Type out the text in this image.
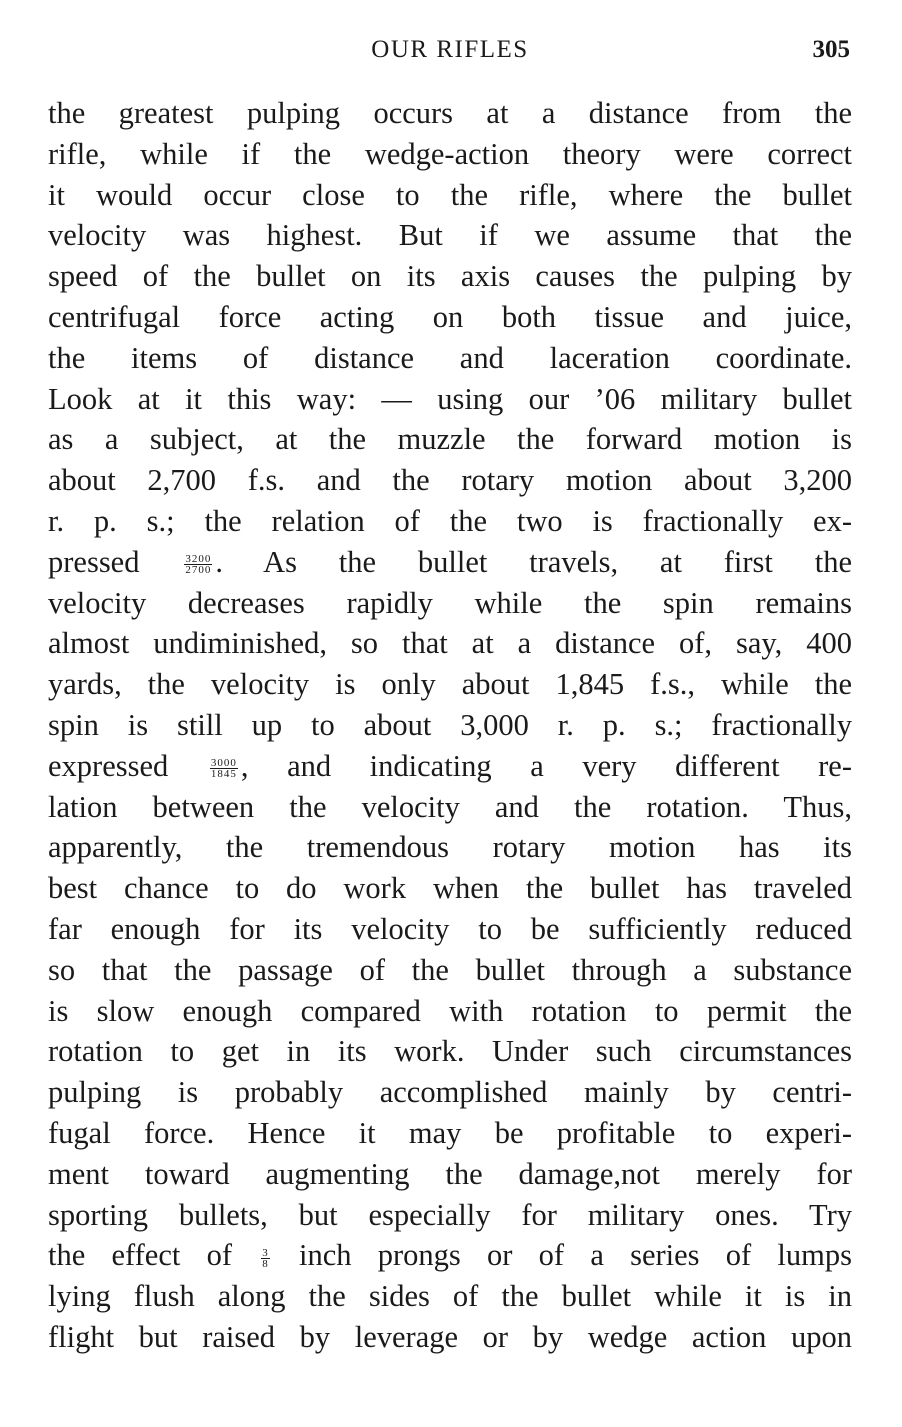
OUR RIFLES	305
the greatest pulping occurs at a distance from the
rifle, while if the wedge-action theory were correct
it would occur close to the rifle, where the bullet
velocity was highest. But if we assume that the
speed of the bullet on its axis causes the pulping by
centrifugal force acting on both tissue and juice,
the items of distance and laceration coordinate.
Look at it this way: — using our ’06 military bullet
as a subject, at the muzzle the forward motion is
about 2,700 f.s. and the rotary motion about 3,200
r. p. s.; the relation of the two is fractionally ex-
pressed	$\frac{3200}{2700}$ . As the bullet travels, at first the
velocity decreases rapidly while the spin remains
almost undiminished, so that at a distance of, say, 400
yards, the velocity is only about 1,845 f.s., while the
spin is still up to about 3,000 r. p. s.; fractionally
expressed	$\frac{3000}{1845}$ , and indicating a very different re-
lation between the velocity and the rotation. Thus,
apparently, the tremendous rotary motion has its
best chance to do work when the bullet has traveled
far enough for its velocity to be sufficiently reduced
so that the passage of the bullet through a substance
is slow enough compared with rotation to permit the
rotation to get in its work. Under such circumstances
pulping is probably accomplished mainly by centri-
fugal force. Hence it may be profitable to experi-
ment toward augmenting the damage,not merely for
sporting bullets, but especially for military ones. Try
the effect of	$\frac{3}{8}$ inch prongs or of a series of lumps
lying flush along the sides of the bullet while it is in
flight but raised by leverage or by wedge action upon
